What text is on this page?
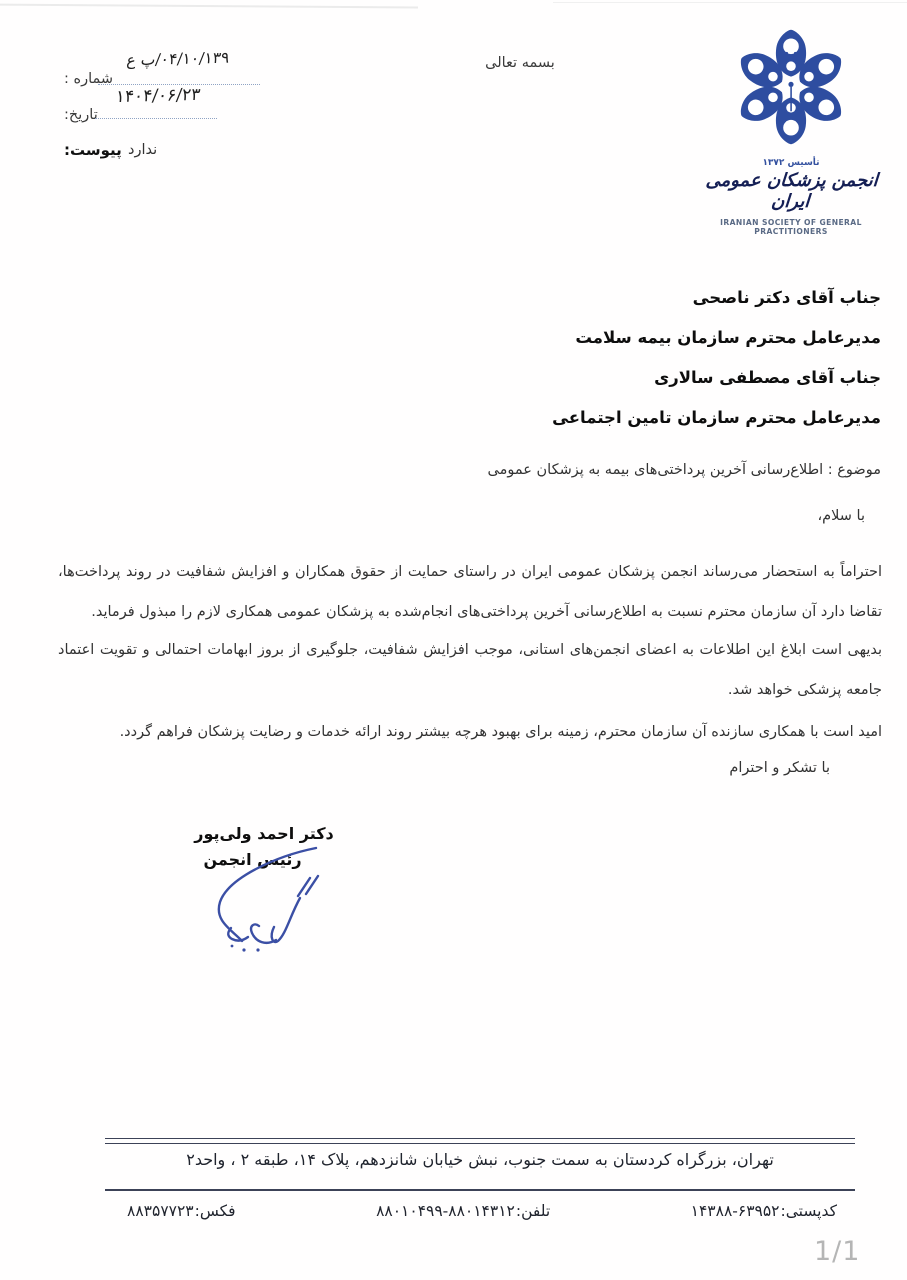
شماره :
۰۴/۱۰/۱۳۹/پ ع
تاریخ:
۱۴۰۴/۰۶/۲۳
پیوست: ندارد
بسمه تعالی
تأسیس ۱۳۷۲
انجمن پزشکان عمومی ایران
IRANIAN SOCIETY OF GENERAL PRACTITIONERS
جناب آقای دکتر ناصحی
مدیرعامل محترم سازمان بیمه سلامت
جناب آقای مصطفی سالاری
مدیرعامل محترم سازمان تامین اجتماعی
موضوع : اطلاع‌رسانی آخرین پرداختی‌های بیمه به پزشکان عمومی
با سلام،
احتراماً به استحضار می‌رساند انجمن پزشکان عمومی ایران در راستای حمایت از حقوق همکاران و افزایش شفافیت در روند پرداخت‌ها، تقاضا دارد آن سازمان محترم نسبت به اطلاع‌رسانی آخرین پرداختی‌های انجام‌شده به پزشکان عمومی همکاری لازم را مبذول فرماید.
بدیهی است ابلاغ این اطلاعات به اعضای انجمن‌های استانی، موجب افزایش شفافیت، جلوگیری از بروز ابهامات احتمالی و تقویت اعتماد جامعه پزشکی خواهد شد.
امید است با همکاری سازنده آن سازمان محترم، زمینه برای بهبود هرچه بیشتر روند ارائه خدمات و رضایت پزشکان فراهم گردد.
با تشکر و احترام
دکتر احمد ولی‌پور
رئیس انجمن
تهران، بزرگراه کردستان به سمت جنوب، نبش خیابان شانزدهم، پلاک ۱۴، طبقه ۲ ، واحد۲
کدپستی:
۱۴۳۸۸-۶۳۹۵۲
تلفن:
۸۸۰۱۰۴۹۹-۸۸۰۱۴۳۱۲
فکس:
۸۸۳۵۷۷۲۳
1/1
